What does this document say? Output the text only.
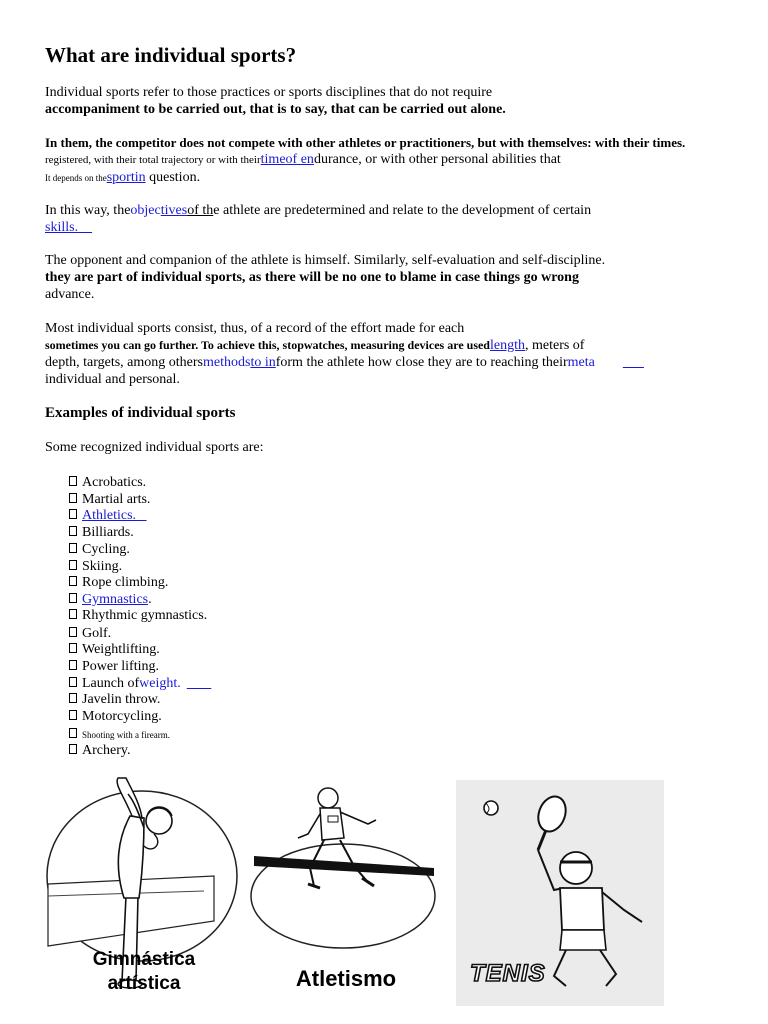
What are individual sports?
Individual sports refer to those practices or sports disciplines that do not require
accompaniment to be carried out, that is to say, that can be carried out alone.
In them, the competitor does not compete with other athletes or practitioners, but with themselves: with their times.
registered, with their total trajectory or with theirtimeof endurance, or with other personal abilities that
It depends on thesportin question.
In this way, theobjectivesof the athlete are predetermined and relate to the development of certain
skills.
The opponent and companion of the athlete is himself. Similarly, self-evaluation and self-discipline.
they are part of individual sports, as there will be no one to blame in case things go wrong
advance.
Most individual sports consist, thus, of a record of the effort made for each
sometimes you can go further. To achieve this, stopwatches, measuring devices are usedlength, meters of
depth, targets, among othersmethodsto inform the athlete how close they are to reaching theirmeta
individual and personal.
Examples of individual sports
Some recognized individual sports are:
Acrobatics.
Martial arts.
Athletics.
Billiards.
Cycling.
Skiing.
Rope climbing.
Gymnastics.
Rhythmic gymnastics.
Golf.
Weightlifting.
Power lifting.
Launch ofweight.
Javelin throw.
Motorcycling.
Shooting with a firearm.
Archery.
Gimnástica
artística	Atletismo	TENIS
